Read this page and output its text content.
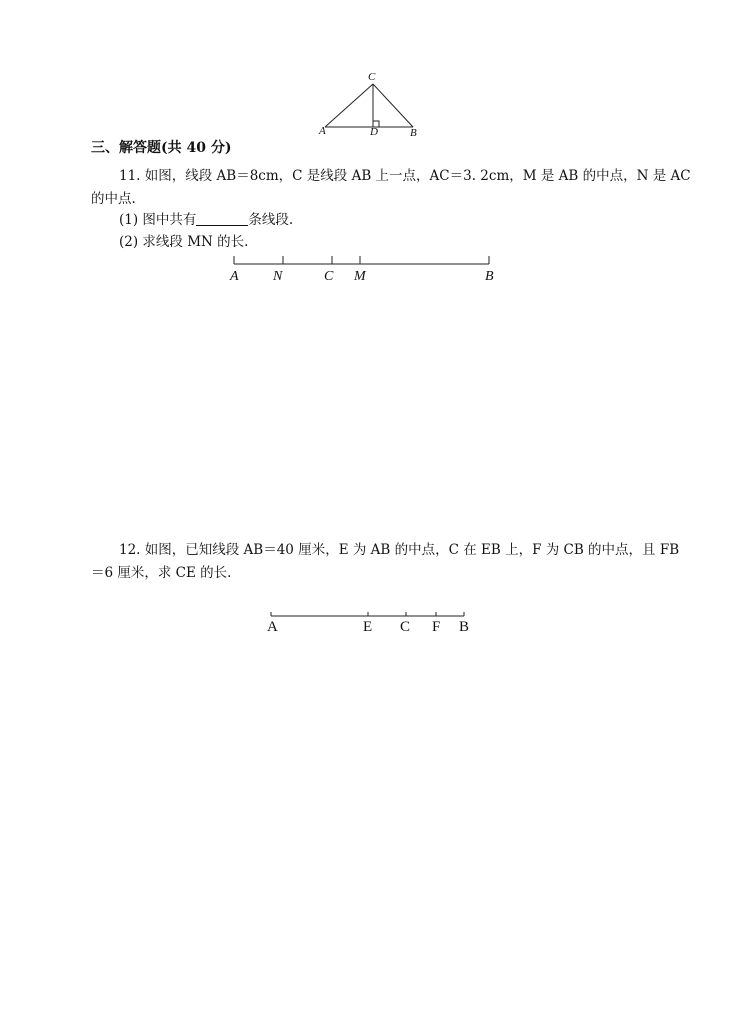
C
A	D	B
三、解答题(共 40 分)
11. 如图，线段 AB＝8cm，C 是线段 AB 上一点，AC＝3. 2cm，M 是 AB 的中点，N 是 AC
的中点.
(1) 图中共有	条线段.
(2) 求线段 MN 的长.
A N	C M	B
12. 如图，已知线段 AB＝40 厘米，E 为 AB 的中点，C 在 EB 上，F 为 CB 的中点，且 FB
＝6 厘米，求 CE 的长.
A	E C F B
